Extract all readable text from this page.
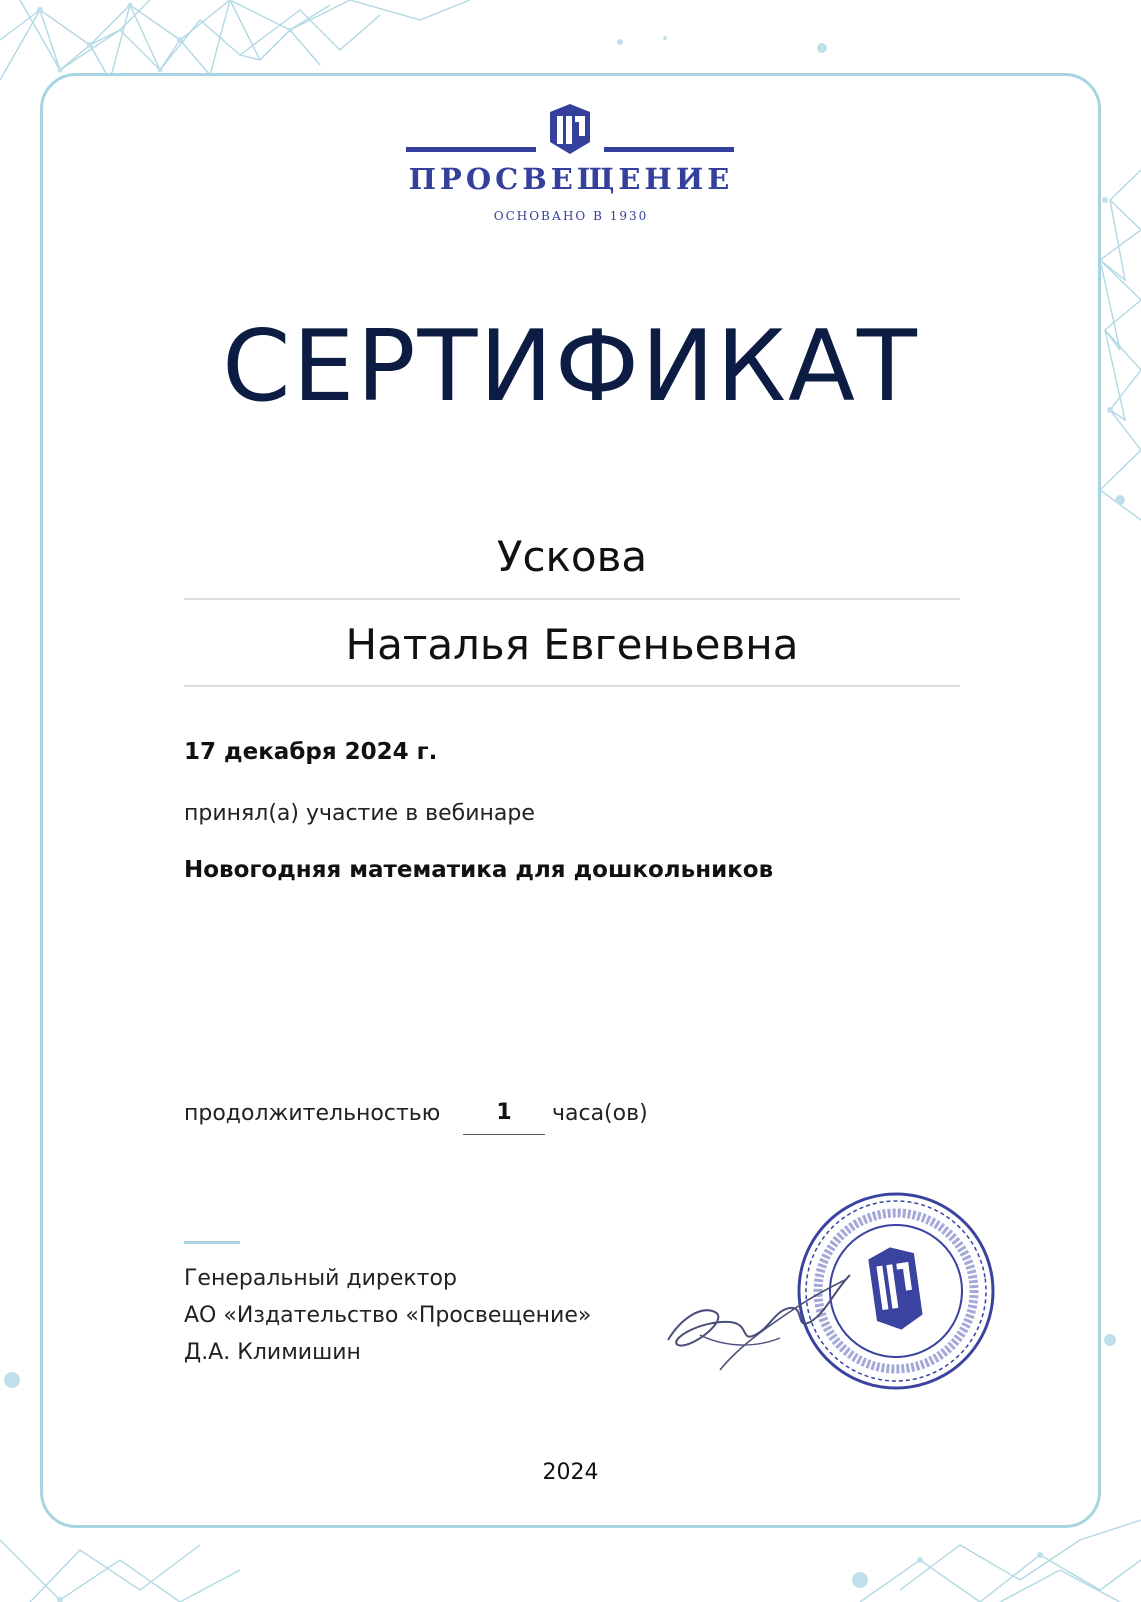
ПРОСВЕЩЕНИЕ
ОСНОВАНО В 1930
СЕРТИФИКАТ
Ускова
Наталья Евгеньевна
17 декабря 2024 г.
принял(а) участие в вебинаре
Новогодняя математика для дошкольников
продолжительностью	1	часа(ов)
Генеральный директор
АО «Издательство «Просвещение»
Д.А. Климишин
2024
